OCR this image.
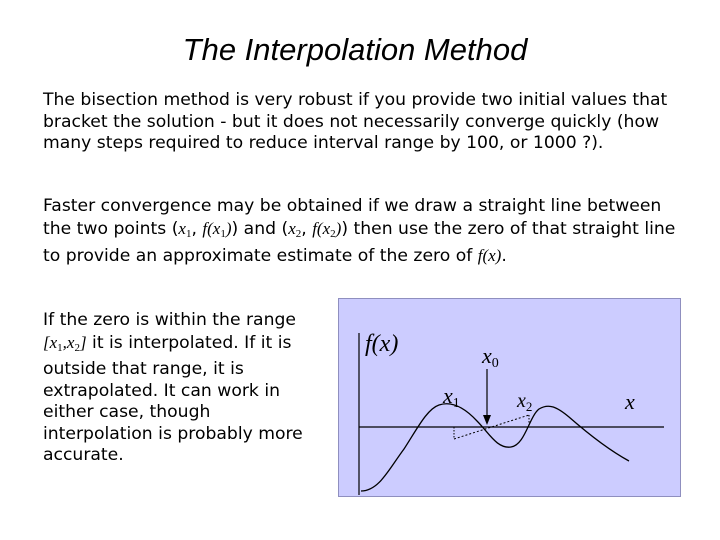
The Interpolation Method

The bisection method is very robust if you provide two initial values that bracket the solution - but it does not necessarily converge quickly (how many steps required to reduce interval range by 100, or 1000 ?).

Faster convergence may be obtained if we draw a straight line between the two points ($x_1$, $f(x_1)$) and ($x_2$, $f(x_2)$) then use the zero of that straight line to provide an approximate estimate of the zero of f(x).

If the zero is within the range $[x_1,x_2]$ it is interpolated. If it is outside that range, it is extrapolated. It can work in either case, though interpolation is probably more accurate.

f(x)	x0
x1	$x_2$	x
